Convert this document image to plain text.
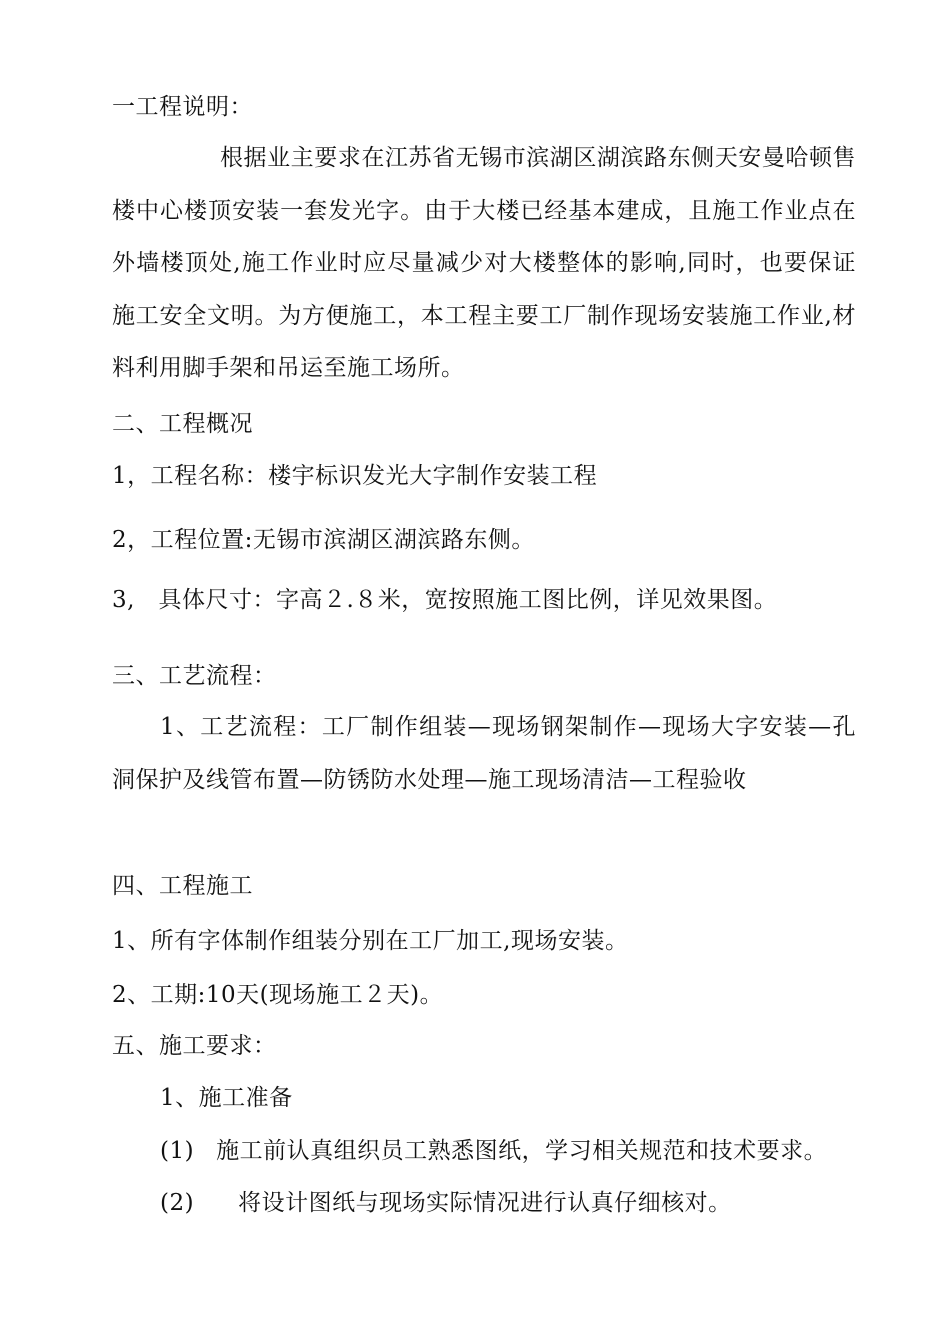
一工程说明：
根据业主要求在江苏省无锡市滨湖区湖滨路东侧天安曼哈顿售楼中心楼顶安装一套发光字。由于大楼已经基本建成，且施工作业点在外墙楼顶处,施工作业时应尽量减少对大楼整体的影响,同时，也要保证施工安全文明。为方便施工，本工程主要工厂制作现场安装施工作业,材料利用脚手架和吊运至施工场所。
二、工程概况
1，工程名称：楼宇标识发光大字制作安装工程
2，工程位置:无锡市滨湖区湖滨路东侧。
3,　具体尺寸：字高２.８米，宽按照施工图比例，详见效果图。
三、工艺流程：
1、工艺流程：工厂制作组装—现场钢架制作—现场大字安装—孔洞保护及线管布置—防锈防水处理—施工现场清洁—工程验收
四、工程施工
1、所有字体制作组装分别在工厂加工,现场安装。
2、工期:10天(现场施工２天)。
五、施工要求：
1、施工准备
(1) 施工前认真组织员工熟悉图纸，学习相关规范和技术要求。
(2) 将设计图纸与现场实际情况进行认真仔细核对。
